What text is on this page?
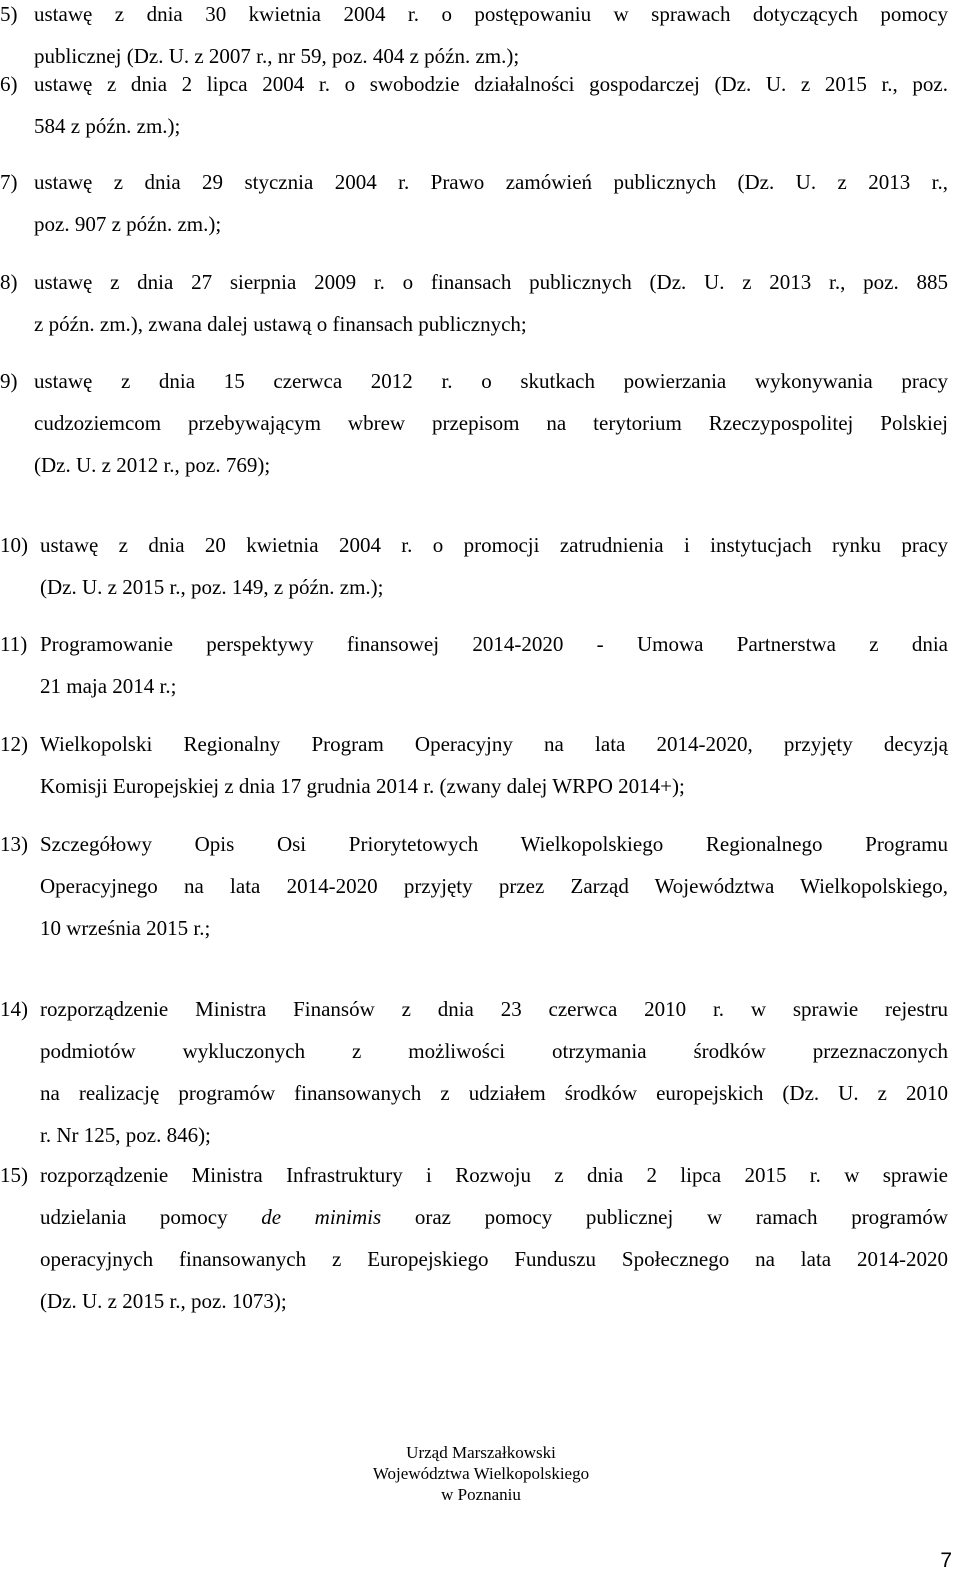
5) ustawę z dnia 30 kwietnia 2004 r. o postępowaniu w sprawach dotyczących pomocy
publicznej (Dz. U. z 2007 r., nr 59, poz. 404 z późn. zm.);
6) ustawę z dnia 2 lipca 2004 r. o swobodzie działalności gospodarczej (Dz. U. z 2015 r., poz.
584 z późn. zm.);
7) ustawę z dnia 29 stycznia 2004 r. Prawo zamówień publicznych (Dz. U. z 2013 r.,
poz. 907 z późn. zm.);
8) ustawę z dnia 27 sierpnia 2009 r. o finansach publicznych (Dz. U. z 2013 r., poz. 885
z późn. zm.), zwana dalej ustawą o finansach publicznych;
9) ustawę z dnia 15 czerwca 2012 r. o skutkach powierzania wykonywania pracy
cudzoziemcom przebywającym wbrew przepisom na terytorium Rzeczypospolitej Polskiej
(Dz. U. z 2012 r., poz. 769);
10) ustawę z dnia 20 kwietnia 2004 r. o promocji zatrudnienia i instytucjach rynku pracy
(Dz. U. z 2015 r., poz. 149, z późn. zm.);
11) Programowanie perspektywy finansowej 2014-2020 - Umowa Partnerstwa z dnia
21 maja 2014 r.;
12) Wielkopolski Regionalny Program Operacyjny na lata 2014-2020, przyjęty decyzją
Komisji Europejskiej z dnia 17 grudnia 2014 r. (zwany dalej WRPO 2014+);
13) Szczegółowy Opis Osi Priorytetowych Wielkopolskiego Regionalnego Programu
Operacyjnego na lata 2014-2020 przyjęty przez Zarząd Województwa Wielkopolskiego,
10 września 2015 r.;
14) rozporządzenie Ministra Finansów z dnia 23 czerwca 2010 r. w sprawie rejestru
podmiotów wykluczonych z możliwości otrzymania środków przeznaczonych
na realizację programów finansowanych z udziałem środków europejskich (Dz. U. z 2010
r. Nr 125, poz. 846);
15) rozporządzenie Ministra Infrastruktury i Rozwoju z dnia 2 lipca 2015 r. w sprawie
udzielania pomocy de minimis oraz pomocy publicznej w ramach programów
operacyjnych finansowanych z Europejskiego Funduszu Społecznego na lata 2014-2020
(Dz. U. z 2015 r., poz. 1073);
Urząd Marszałkowski
Województwa Wielkopolskiego
w Poznaniu
7
